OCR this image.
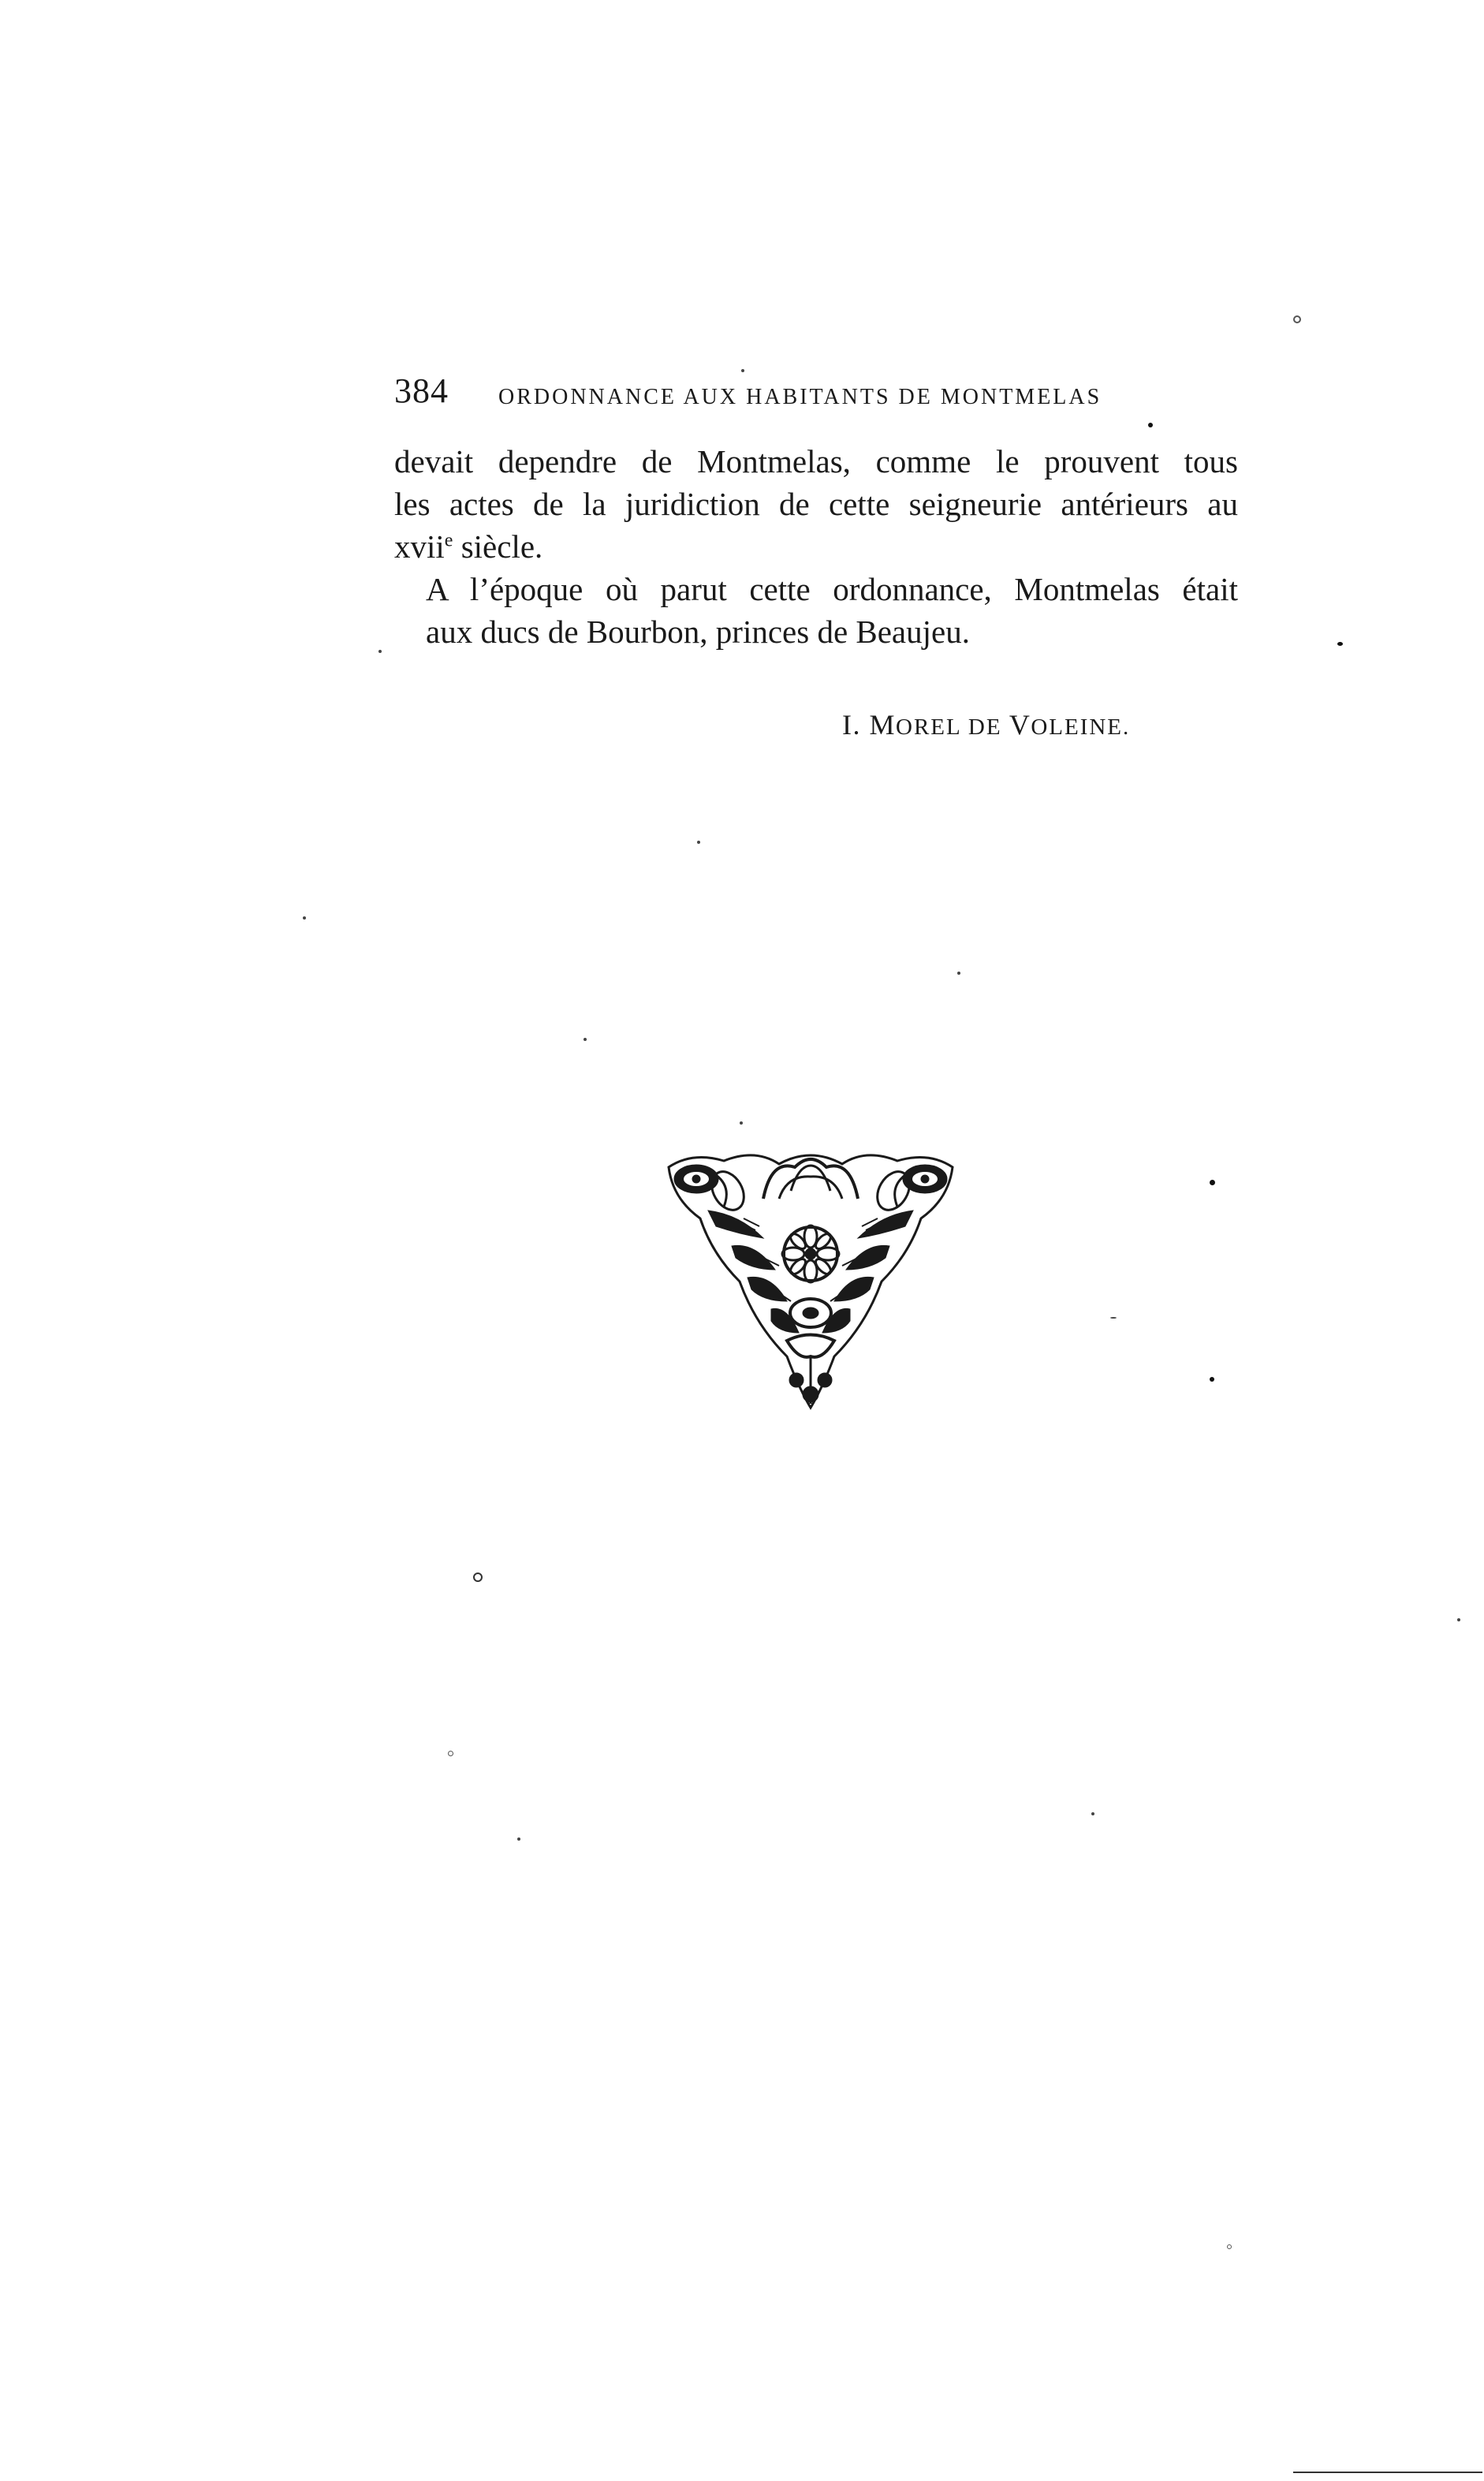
384 ORDONNANCE AUX HABITANTS DE MONTMELAS

devait dependre de Montmelas, comme le prouvent tous
les actes de la juridiction de cette seigneurie antérieurs au
xvii$^e$ siècle.

A l’époque où parut cette ordonnance, Montmelas était
aux ducs de Bourbon, princes de Beaujeu.

I. MOREL DE VOLEINE.
